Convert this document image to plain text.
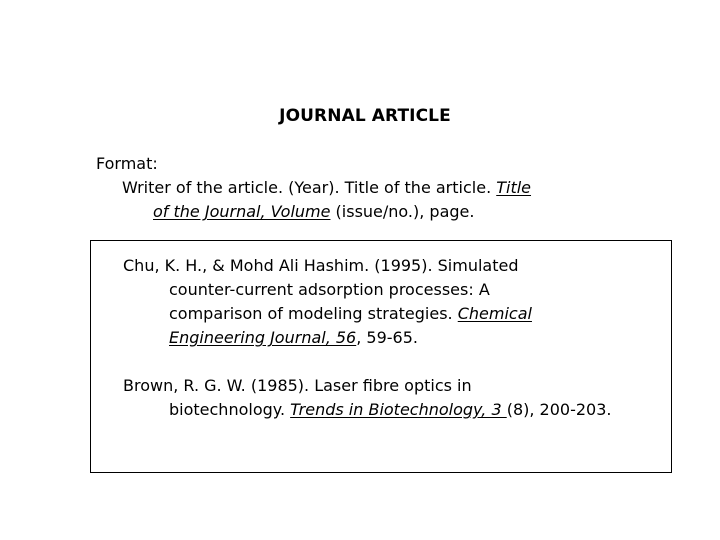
JOURNAL ARTICLE
Format:
Writer of the article. (Year). Title of the article. Title
of the Journal, Volume (issue/no.), page.
Chu, K. H., & Mohd Ali Hashim. (1995). Simulated
counter-current adsorption processes: A
comparison of modeling strategies. Chemical
Engineering Journal, 56, 59-65.
Brown, R. G. W. (1985). Laser fibre optics in
biotechnology. Trends in Biotechnology, 3 (8), 200-203.
